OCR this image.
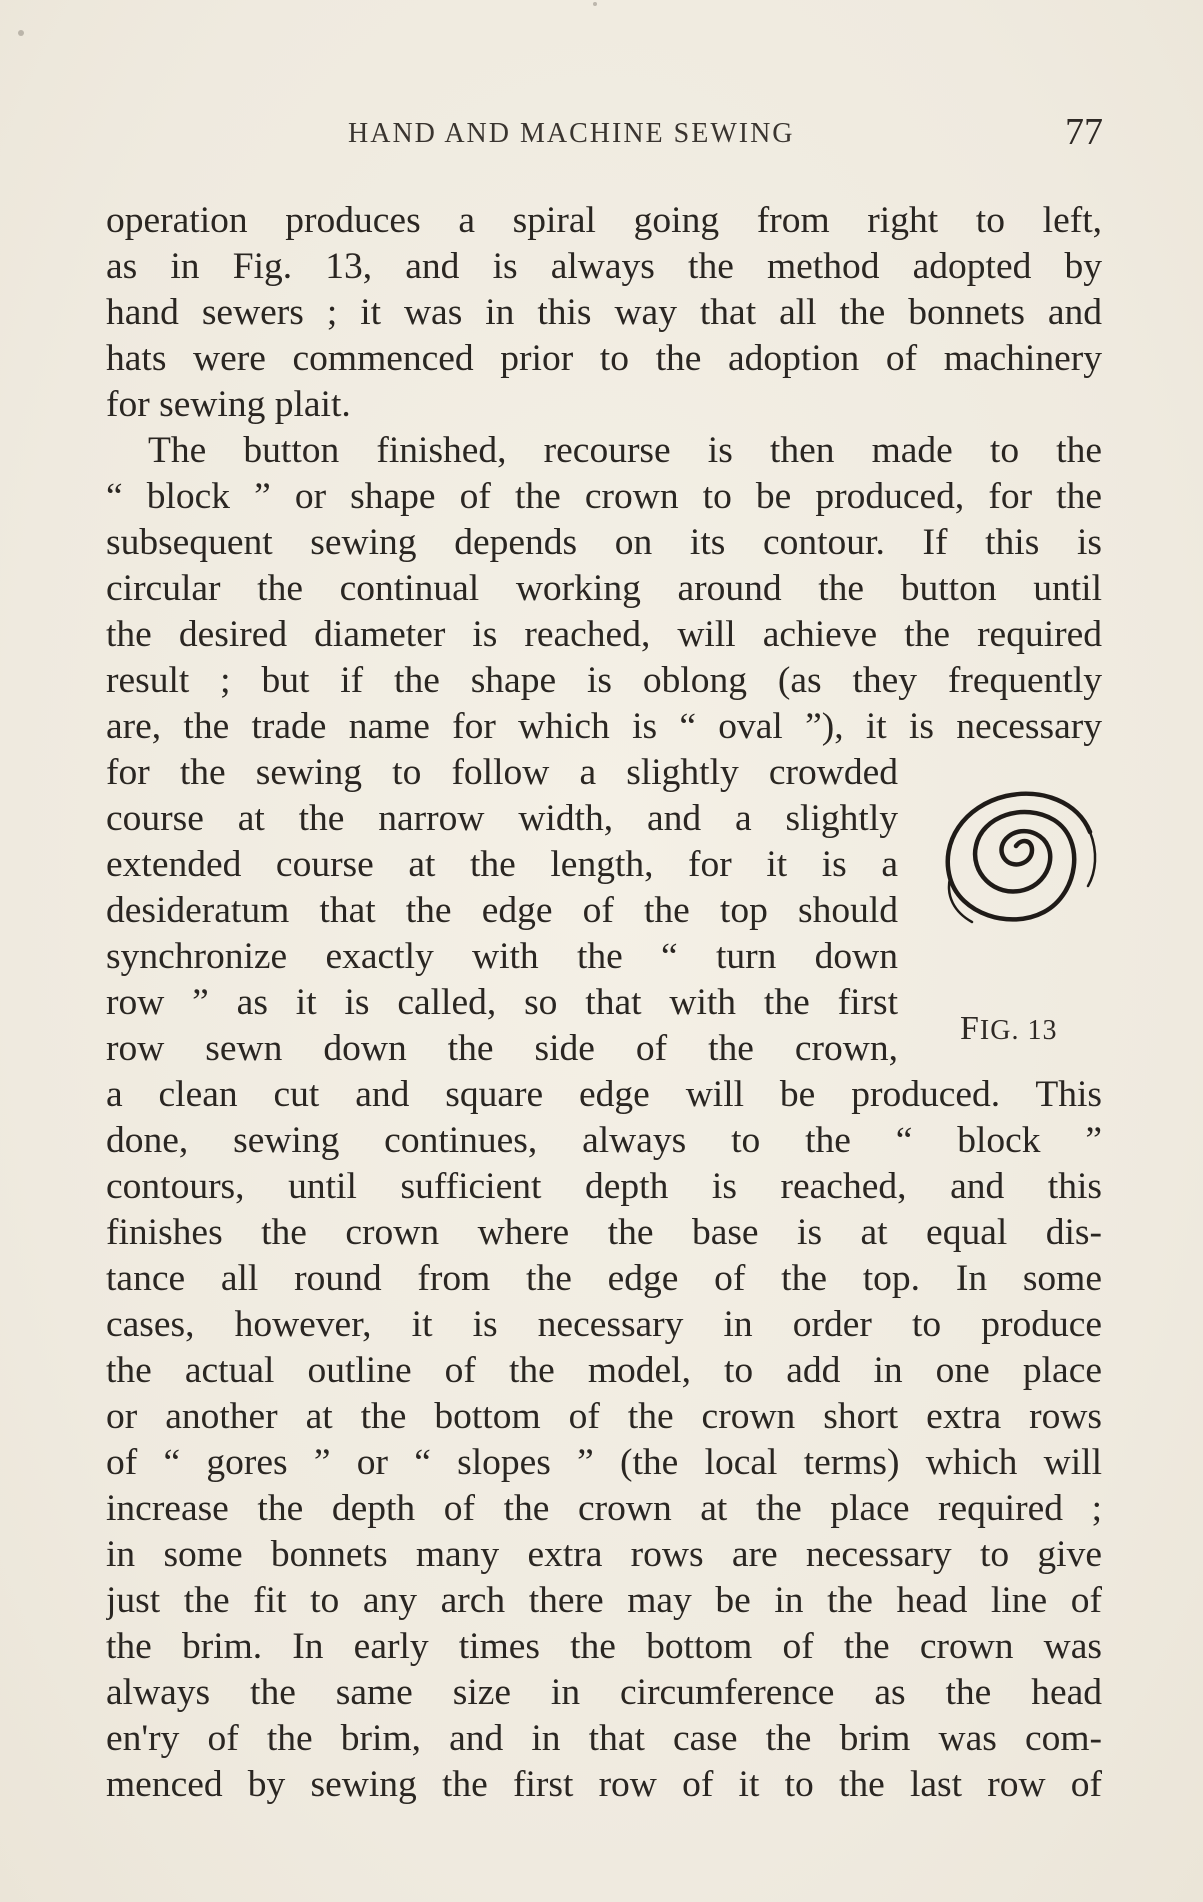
HAND AND MACHINE SEWING	77
operation produces a spiral going from right to left,
as in Fig. 13, and is always the method adopted by
hand sewers ; it was in this way that all the bonnets and
hats were commenced prior to the adoption of machinery
for sewing plait.
The button finished, recourse is then made to the
“ block ” or shape of the crown to be produced, for the
subsequent sewing depends on its contour. If this is
circular the continual working around the button until
the desired diameter is reached, will achieve the required
result ; but if the shape is oblong (as they frequently
are, the trade name for which is “ oval ”), it is necessary
for the sewing to follow a slightly crowded
course at the narrow width, and a slightly
extended course at the length, for it is a
desideratum that the edge of the top should
synchronize exactly with the “ turn down
row ” as it is called, so that with the first
row sewn down the side of the crown,
a clean cut and square edge will be produced. This
done, sewing continues, always to the “ block ”
contours, until sufficient depth is reached, and this
finishes the crown where the base is at equal dis-
tance all round from the edge of the top. In some
cases, however, it is necessary in order to produce
the actual outline of the model, to add in one place
or another at the bottom of the crown short extra rows
of “ gores ” or “ slopes ” (the local terms) which will
increase the depth of the crown at the place required ;
in some bonnets many extra rows are necessary to give
just the fit to any arch there may be in the head line of
the brim. In early times the bottom of the crown was
always the same size in circumference as the head
en'ry of the brim, and in that case the brim was com-
menced by sewing the first row of it to the last row of
FIG. 13
